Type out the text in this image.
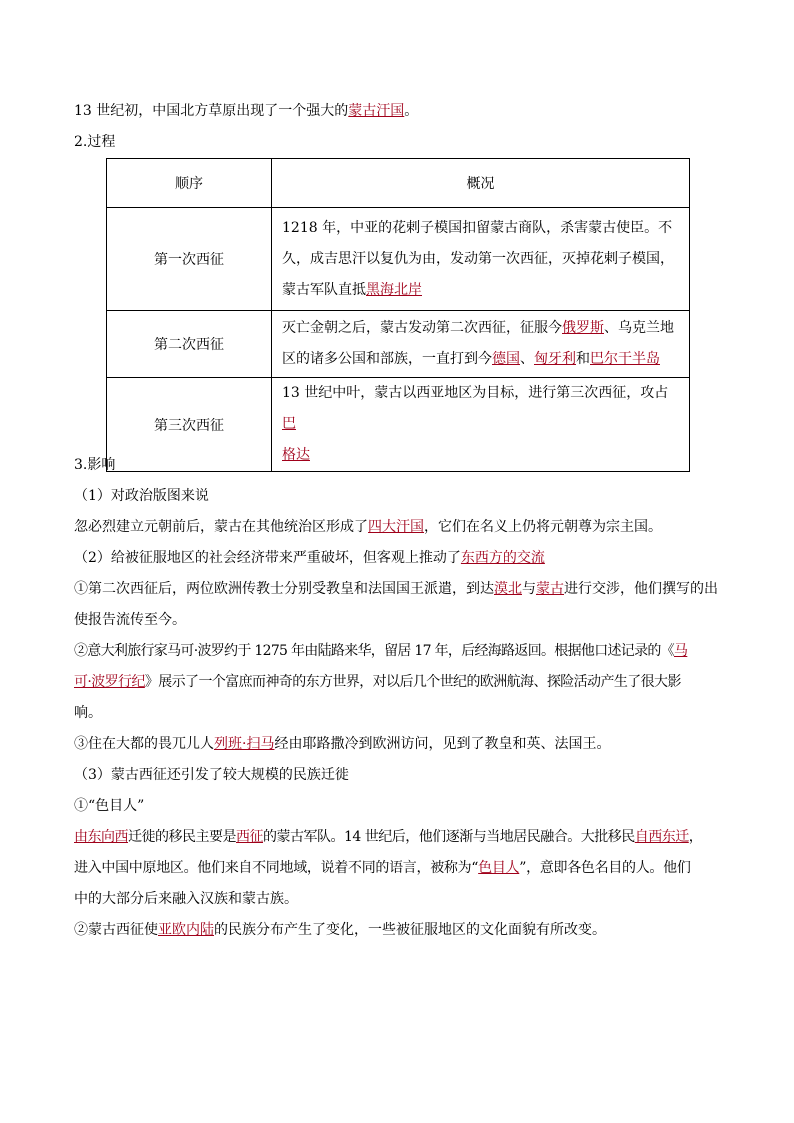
13 世纪初，中国北方草原出现了一个强大的蒙古汗国。
2.过程
顺序	概况
第一次西征	1218 年，中亚的花剌子模国扣留蒙古商队，杀害蒙古使臣。不
久，成吉思汗以复仇为由，发动第一次西征，灭掉花剌子模国，
蒙古军队直抵黑海北岸

第二次西征	灭亡金朝之后，蒙古发动第二次西征，征服今俄罗斯、乌克兰地
区的诸多公国和部族，一直打到今德国、匈牙利和巴尔干半岛

第三次西征	13 世纪中叶，蒙古以西亚地区为目标，进行第三次西征，攻占巴
格达
3.影响
（1）对政治版图来说
忽必烈建立元朝前后，蒙古在其他统治区形成了四大汗国，它们在名义上仍将元朝尊为宗主国。
（2）给被征服地区的社会经济带来严重破坏，但客观上推动了东西方的交流
①第二次西征后，两位欧洲传教士分别受教皇和法国国王派遣，到达漠北与蒙古进行交涉，他们撰写的出
使报告流传至今。
②意大利旅行家马可·波罗约于 1275 年由陆路来华，留居 17 年，后经海路返回。根据他口述记录的《马
可·波罗行纪》展示了一个富庶而神奇的东方世界，对以后几个世纪的欧洲航海、探险活动产生了很大影
响。
③住在大都的畏兀儿人列班·扫马经由耶路撒冷到欧洲访问，见到了教皇和英、法国王。
（3）蒙古西征还引发了较大规模的民族迁徙
①“色目人”
由东向西迁徙的移民主要是西征的蒙古军队。14 世纪后，他们逐渐与当地居民融合。大批移民自西东迁，
进入中国中原地区。他们来自不同地域，说着不同的语言，被称为“色目人”，意即各色名目的人。他们
中的大部分后来融入汉族和蒙古族。
②蒙古西征使亚欧内陆的民族分布产生了变化，一些被征服地区的文化面貌有所改变。
